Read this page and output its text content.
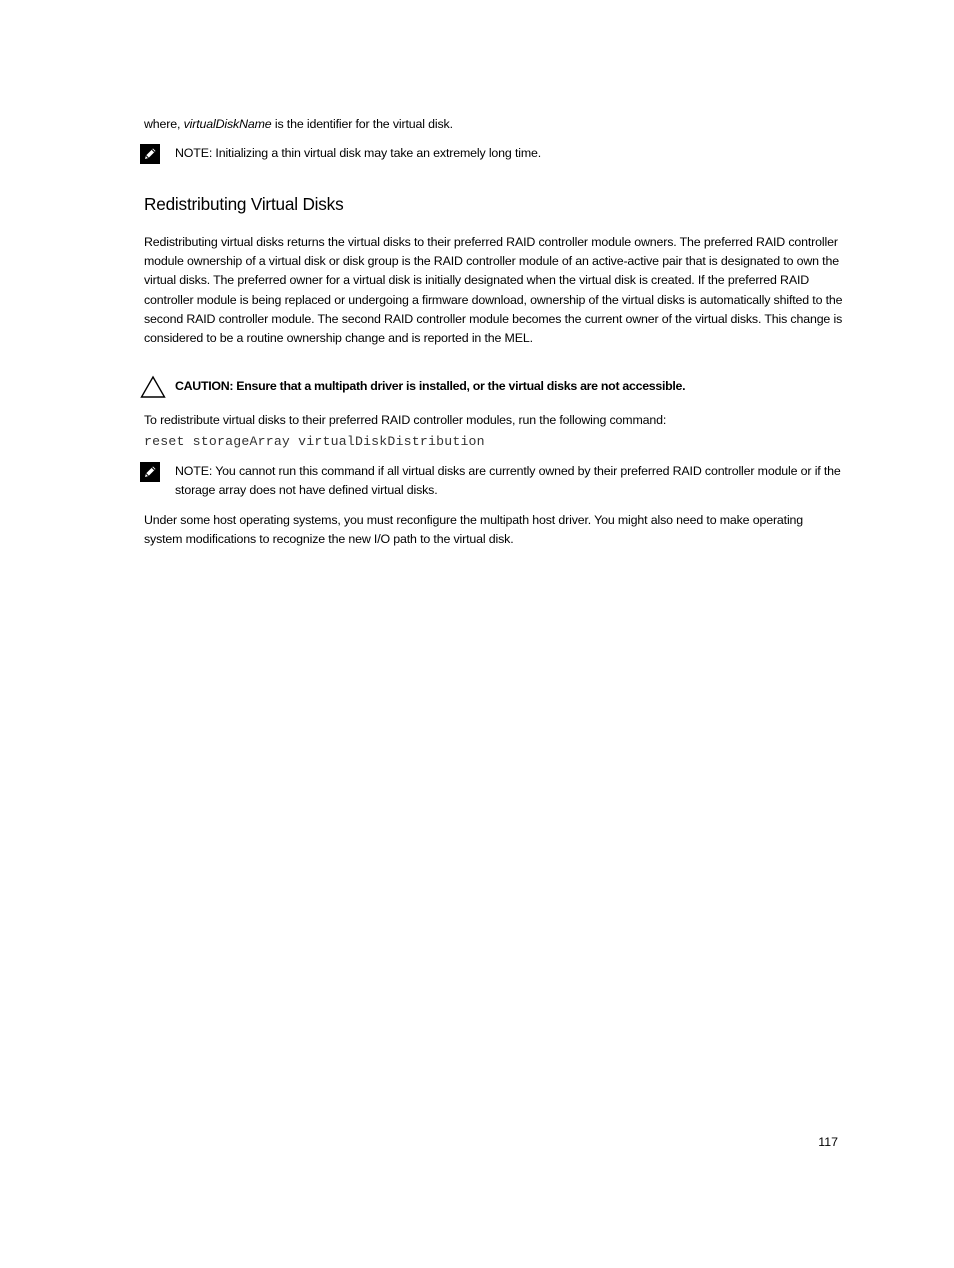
where, virtualDiskName is the identifier for the virtual disk.

NOTE: Initializing a thin virtual disk may take an extremely long time.

Redistributing Virtual Disks

Redistributing virtual disks returns the virtual disks to their preferred RAID controller module owners. The preferred RAID controller module ownership of a virtual disk or disk group is the RAID controller module of an active-active pair that is designated to own the virtual disks. The preferred owner for a virtual disk is initially designated when the virtual disk is created. If the preferred RAID controller module is being replaced or undergoing a firmware download, ownership of the virtual disks is automatically shifted to the second RAID controller module. The second RAID controller module becomes the current owner of the virtual disks. This change is considered to be a routine ownership change and is reported in the MEL.

CAUTION: Ensure that a multipath driver is installed, or the virtual disks are not accessible.

To redistribute virtual disks to their preferred RAID controller modules, run the following command:

reset storageArray virtualDiskDistribution

NOTE: You cannot run this command if all virtual disks are currently owned by their preferred RAID controller module or if the storage array does not have defined virtual disks.

Under some host operating systems, you must reconfigure the multipath host driver. You might also need to make operating system modifications to recognize the new I/O path to the virtual disk.

117
